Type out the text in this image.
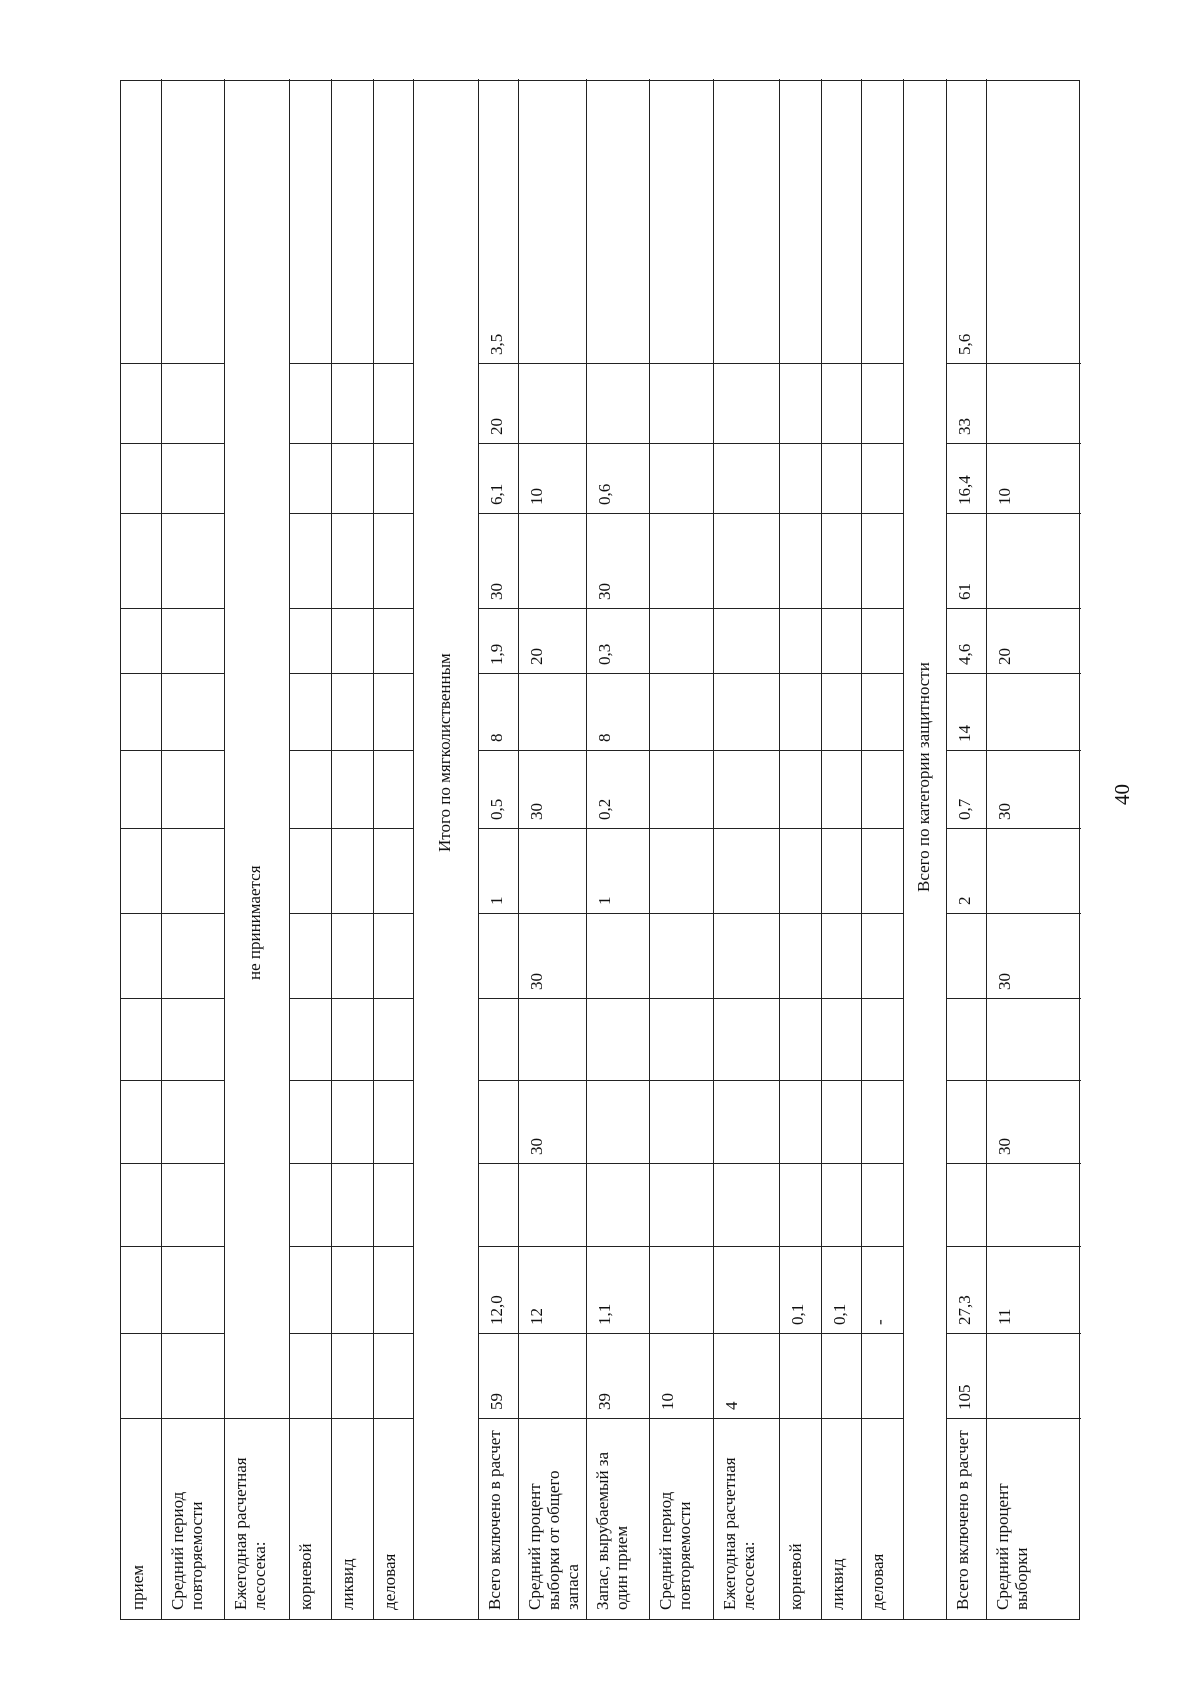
Итого по мягколиственным	Всего по категории защитности
прием Средний период повторяемости Ежегодная расчетная лесосека:
не принимается
корневой ликвид деловая	Всего включено в расчет
59
12,0
1
0,5
8
1,9
30
6,1
20
3,5
Средний процент выборки от общего запаса
12
30
30
30
20
10
Запас, вырубаемый за один прием
39
1,1
1
0,2
8
0,3
30
0,6
Средний период повторяемости
10
Ежегодная расчетная лесосека:
4
корневой
0,1
ликвид
0,1
деловая
-
Всего включено в расчет
105
27,3
2
0,7
14
4,6
61
16,4
33
5,6
Средний процент выборки
11
30
30
30
20
10
40
